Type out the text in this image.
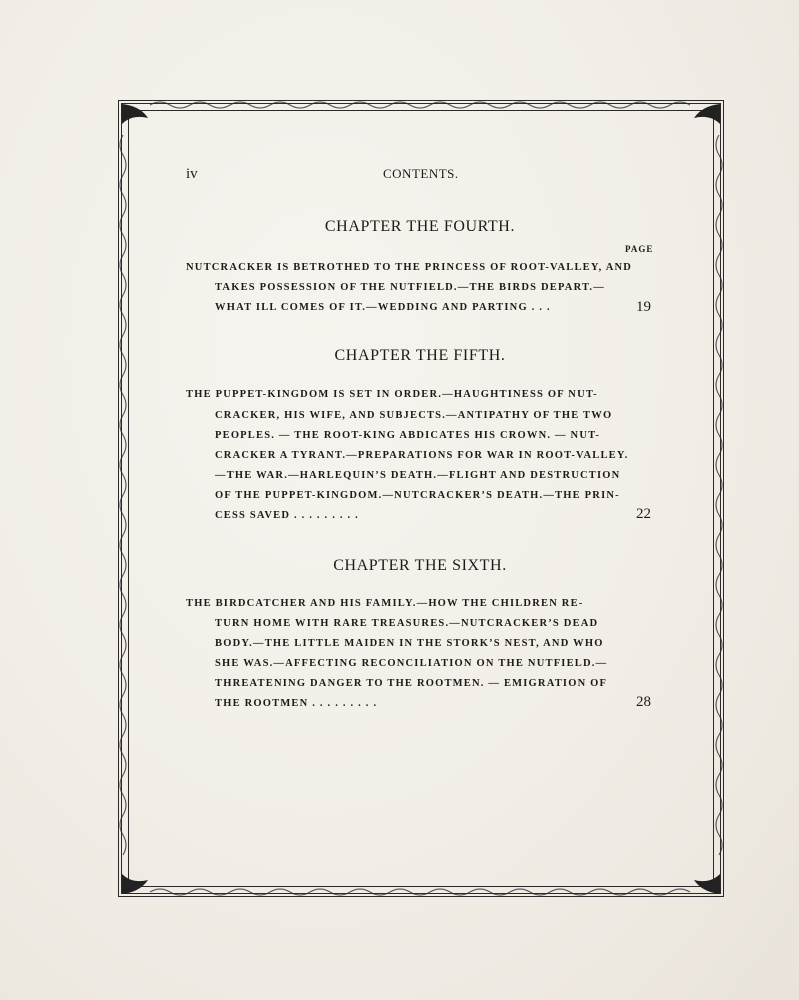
iv	CONTENTS.
CHAPTER THE FOURTH.
PAGE
NUTCRACKER IS BETROTHED TO THE PRINCESS OF ROOT-VALLEY, AND
TAKES POSSESSION OF THE NUTFIELD.—THE BIRDS DEPART.—
WHAT ILL COMES OF IT.—WEDDING AND PARTING . . .	19
CHAPTER THE FIFTH.
THE PUPPET-KINGDOM IS SET IN ORDER.—HAUGHTINESS OF NUT-
CRACKER, HIS WIFE, AND SUBJECTS.—ANTIPATHY OF THE TWO
PEOPLES. — THE ROOT-KING ABDICATES HIS CROWN. — NUT-
CRACKER A TYRANT.—PREPARATIONS FOR WAR IN ROOT-VALLEY.
—THE WAR.—HARLEQUIN’S DEATH.—FLIGHT AND DESTRUCTION
OF THE PUPPET-KINGDOM.—NUTCRACKER’S DEATH.—THE PRIN-
CESS SAVED . . . . . . . . .	22
CHAPTER THE SIXTH.
THE BIRDCATCHER AND HIS FAMILY.—HOW THE CHILDREN RE-
TURN HOME WITH RARE TREASURES.—NUTCRACKER’S DEAD
BODY.—THE LITTLE MAIDEN IN THE STORK’S NEST, AND WHO
SHE WAS.—AFFECTING RECONCILIATION ON THE NUTFIELD.—
THREATENING DANGER TO THE ROOTMEN. — EMIGRATION OF
THE ROOTMEN . . . . . . . . .	28
